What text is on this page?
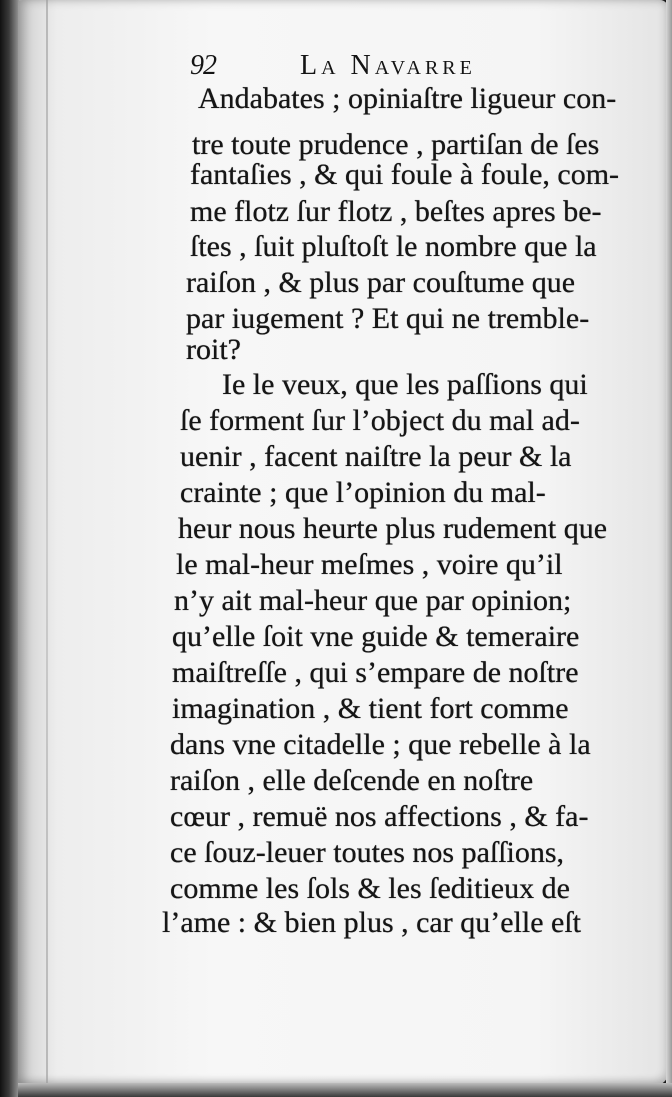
92	La Navarre
Andabates ; opiniaſtre ligueur con-
tre toute prudence , partiſan de ſes
fantaſies , & qui foule à foule, com-
me flotz ſur flotz , beſtes apres be-
ſtes , ſuit pluſtoſt le nombre que la
raiſon , & plus par couſtume que
par iugement ? Et qui ne tremble-
roit?
Ie le veux, que les paſſions qui
ſe forment ſur l’object du mal ad-
uenir , facent naiſtre la peur & la
crainte ; que l’opinion du mal-
heur nous heurte plus rudement que
le mal-heur meſmes , voire qu’il
n’y ait mal-heur que par opinion;
qu’elle ſoit vne guide & temeraire
maiſtreſſe , qui s’empare de noſtre
imagination , & tient fort comme
dans vne citadelle ; que rebelle à la
raiſon , elle deſcende en noſtre
cœur , remuë nos affections , & fa-
ce ſouz-leuer toutes nos paſſions,
comme les ſols & les ſeditieux de
l’ame : & bien plus , car qu’elle eſt
